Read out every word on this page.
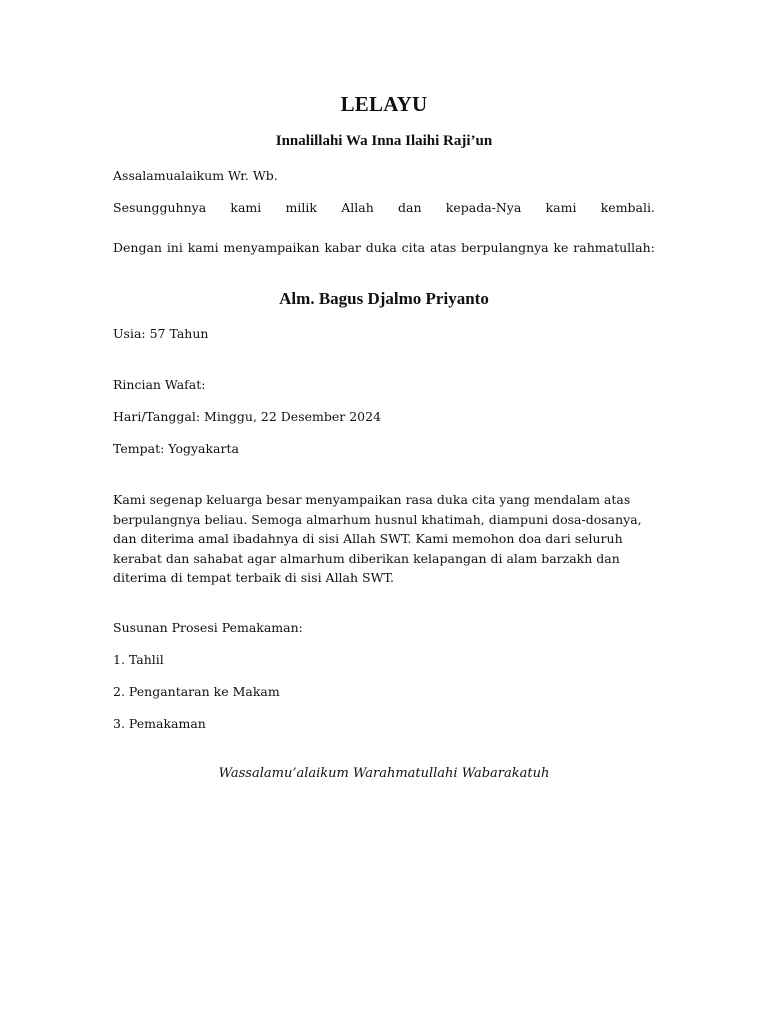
LELAYU
Innalillahi Wa Inna Ilaihi Raji’un
Assalamualaikum Wr. Wb.
Sesungguhnya kami milik Allah dan kepada-Nya kami kembali.
Dengan ini kami menyampaikan kabar duka cita atas berpulangnya ke rahmatullah:
Alm. Bagus Djalmo Priyanto
Usia: 57 Tahun
Rincian Wafat:
Hari/Tanggal: Minggu, 22 Desember 2024
Tempat: Yogyakarta
Kami segenap keluarga besar menyampaikan rasa duka cita yang mendalam atas berpulangnya beliau. Semoga almarhum husnul khatimah, diampuni dosa-dosanya, dan diterima amal ibadahnya di sisi Allah SWT. Kami memohon doa dari seluruh kerabat dan sahabat agar almarhum diberikan kelapangan di alam barzakh dan diterima di tempat terbaik di sisi Allah SWT.
Susunan Prosesi Pemakaman:
1. Tahlil
2. Pengantaran ke Makam
3. Pemakaman
Wassalamu’alaikum Warahmatullahi Wabarakatuh
